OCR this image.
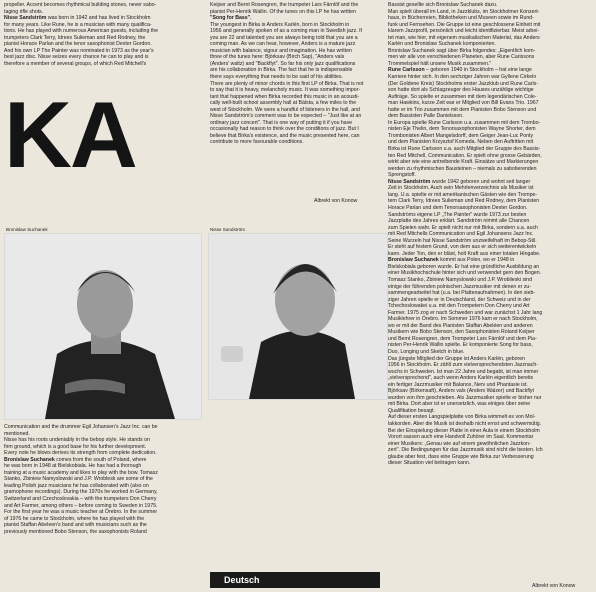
KA

propeller. Accent becomes rhythmical building stones, never sabo-

taging rifle shots.

Nisse Sandström was born in 1942 and has lived in Stockholm

for many years. Like Rune, he is a musician with many qualifica-

tions. He has played with numerous American guests, including the

trumpeters Clark Terry, Idrees Sulieman and Red Rodney, the

pianist Horace Parlan and the tenor saxophonist Dexter Gordon.

And his own LP The Painter was nominated in 1973 as the year's

best jazz disc. Nisse seizes every chance he can to play and is

therefore a member of several groups, of which Red Mitchell's

Keijser and Bernt Rosengren, the trumpeter Lars Färnlöf and the

pianist Per-Henrik Wallin. Of the tunes on this LP he has written

"Song for Bass",

The youngest in Birka is Anders Karlén, born in Stockholm in

1956 and generally spoken of as a coming man in Swedish jazz. If

you are 22 and talented you are always being told that you are a

coming man. As we can hear, however, Anders is a mature jazz

musician with balance, vigour and imagination. He has written

three of the tunes here: Björksav (Birch Sap), "Anders vals

(Anders' waltz) and "Backflyt". So far his only jazz qualifications

are his collaboration in Birka. The fact that he is indispensable

there says everything that needs to be said of his abilities.

There are plenty of minor chords in this first LP of Birka. That is not

to say that it is heavy, melancholy music. It was something impor-

tant that happened when Birka recorded this music in an acousti-

cally well-built school assembly hall at Bälsta, a few miles to the

west of Stockholm. We were a handful of listeners in the hall, and

Nisse Sandström's comment was to be expected – "Just like at an

ordinary jazz concert". That is one way of putting it if you have

occasionally had reason to think over the conditions of jazz. But I

believe that Birka's existence, and the music presented here, can

contribute to more favourable conditions.

Albrekt von Konow
Bronislaw Suchanek	Nisse Sandström

Communication and the drummer Egil Johansen's Jazz Inc. can be

mentioned.

Nisse has his roots undeniably in the bebop style. He stands on

firm ground, which is a good base for his further development.

Every note he blows derives its strength from complete dedication.

Bronislaw Suchanek comes from the south of Poland, where

he was born in 1948 at Bielskobiala. He has had a thorough

training at a music academy and likes to play with the bow. Tomasz

Stanko, Zbiniew Namyslowski and J.P. Wroblesk are some of the

leading Polish jazz musicians he has collaborated with (also on

gramophone recordings). During the 1970s he worked in Germany,

Switzerland and Czechoslovakia – with the trumpeters Don Cherry

and Art Farmer, among others – before coming to Sweden in 1975.

For the first year he was a music teacher at Örebro. In the summer

of 1976 he came to Stockholm, where he has played with the

pianist Staffan Abeleen's band and with musicians such as the

previously mentioned Bobo Stenson, the saxophonists Roland

Deutsch

Bassist gesellte sich Bronislaw Suchanek dazu.

Man spielt überall im Land, in Jazzklubs, im Stockholmer Konzert-

haus, in Bücherreien, Bibliotheken und Museen sowie im Rund-

funk und Fernsehen. Die Gruppe ist eine geschlossene Einheit mit

klarem Jazzprofil, persönlich und leicht identifizierbar. Meist arbei-

tet man, wie hier, mit eigenem musikalischen Material, das Anders

Karlén und Bronislaw Suchanek komponierten.

Bronislaw Suchanek sagt über Birka folgendes: „Eigentlich kom-

men wir alle von verschiedenen Planeten, aber Rune Carissons

Trommelspiel hält unsere Musik zusammen."

Rune Carlsson – geboren 1940 in Stockholm – hat eine lange

Karriere hinter sich. In den sechziger Jahren war Gyllene Cirkeln

(Der Goldene Kreis) Stockholms erster Jazzklub und Rune Carls-

son hatte dort als Schlagzeuger des Hauses unzählige wichtige

Aufträge. So spielte er zusammen mit dem legendärischen Cole-

man Hawkins, kurze Zeit war er Mitglied von Bill Evans Trio. 1967

hatte er im Trio zusammen mit dem Pianisten Bobo Stenson und

dem Bassisten Palle Danielsson.

In Europa spielte Rune Carlsson u.a. zusammen mit dem Trombo-

nisten Eje Thelin, dem Tenorsaxophonisten Wayne Shorter, dem

Trombonisten Albert Mangelsdorff, dem Geiger Jean-Luc Ponty

und dem Pianisten Krzysztof Komeda. Neben den Auftritten mit

Birka ist Rune Carlsson u.a. auch Mitglied der Gruppe des Bassis-

ten Red Mitchell, Communication. Er spielt ohne grosse Gebärden,

wirkt aber wie eine antreibende Kraft. Einsätze und Markierungen

werden zu rhythmischen Bausteinen – niemals zu sabotierenden

Sprengstoff.

Nisse Sandström wurde 1942 geboren und wohnt seit langer

Zeit in Stockholm. Auch sein Mehrlenverzeichnis als Musiker ist

lang. U.a. spielte er mit amerikanischen Gästen wie den Trompe-

tern Clark Terry, Idrees Sulieman und Red Rodney, dem Pianisten

Horace Parlan und dem Tenorsaxophonisten Dexter Gordon.

Sandströms eigene LP „The Painter" wurde 1973 zur besten

Jazzplatte des Jahres erklärt. Sandström nimmt alle Chancen

zum Spielen wahr. Er spielt nicht nur mit Birka, sondern u.a. auch

mit Red Mitchells Communication und Egil Johansens Jazz Inc.

Seine Wurzeln hat Nisse Sandström unzweifelhaft im Bebop-Stil.

Er steht auf festem Grund, von dem aus er sich weiterentwickeln

kann. Jeder Ton, den er bläst, holt Kraft aus einer totalen Hingabe.

Bronislaw Suchanek kommt aus Polen, wo er 1948 in

Bielskobiala geboren wurde. Er hat eine gründliche Ausbildung an

einer Musikhochschule hinter sich und verwendet gern den Bogen.

Tomasz Stanko, Zbiniew Namyslowski und J.P. Wroblieski sind

einige der führenden polnischen Jazzmusiker mit denen er zu-

sammengearbeitet hat (u.a. bei Plattenaufnahmen). In den sieb-

ziger Jahren spielte er in Deutschland, der Schweiz und in der

Tchechoslowakei u.a. mit den Trompetern Don Cherry und Art

Farmer. 1975 zog er nach Schweden und war zunächst 1 Jahr lang

Musiklehrer in Örebro. Im Sommer 1976 kam er nach Stockholm,

wo er mit der Band des Pianisten Staffan Abeléen und anderen

Musikern wie Bobo Stenson, den Saxophonisten Roland Keijser

und Bernt Rosengren, dem Trompeter Lars Färnlöf und dem Pia-

nisten Per-Henrik Wallin spielte. Er komponierte Song for bass,

Duo, Longing und Sketch in blue.

Das jüngste Mitglied der Gruppe ist Anders Karlén, geboren

1956 in Stockholm. Er zählt zum vielversprechendsten Jazznach-

wuchs in Schweden. Ist man 22 Jahre und begabt, ist man immer

„vielversprechend", auch wenn Anders Karlén eigentlich bereits

ein fertiger Jazzmusiker mit Balance, Nerv und Phantasie ist.

Björksav (Birkensaft), Anders vals (Anders Walzer) und Backflyt

wurden von ihm geschrieben. Als Jazzmusiker spielte er bisher nur

mit Birka. Dort aber ist er unersetzlich, was einiges über seine

Qualifikation besagt.

Auf dieser ersten Langspielplatte von Birka wimmelt es von Mol-

lakkorden. Aber die Musik ist deshalb nicht ernst und schwermütig.

Bei der Einspielung dieser Platte in einer Aula in einem Stockholm

Vorort sassen auch eine Handvoll Zuhörer im Saal. Kommentar

einer Musikers: „Genau wie auf einem gewöhnlichen Jazzkon-

zert". Die Bedingungen für das Jazzmusik sind nicht die besten. Ich

glaube aber fest, dass eine Gruppe wie Birka zur Verbesserung

dieser Situation viel beitragen kann.

Albrekt von Konow
